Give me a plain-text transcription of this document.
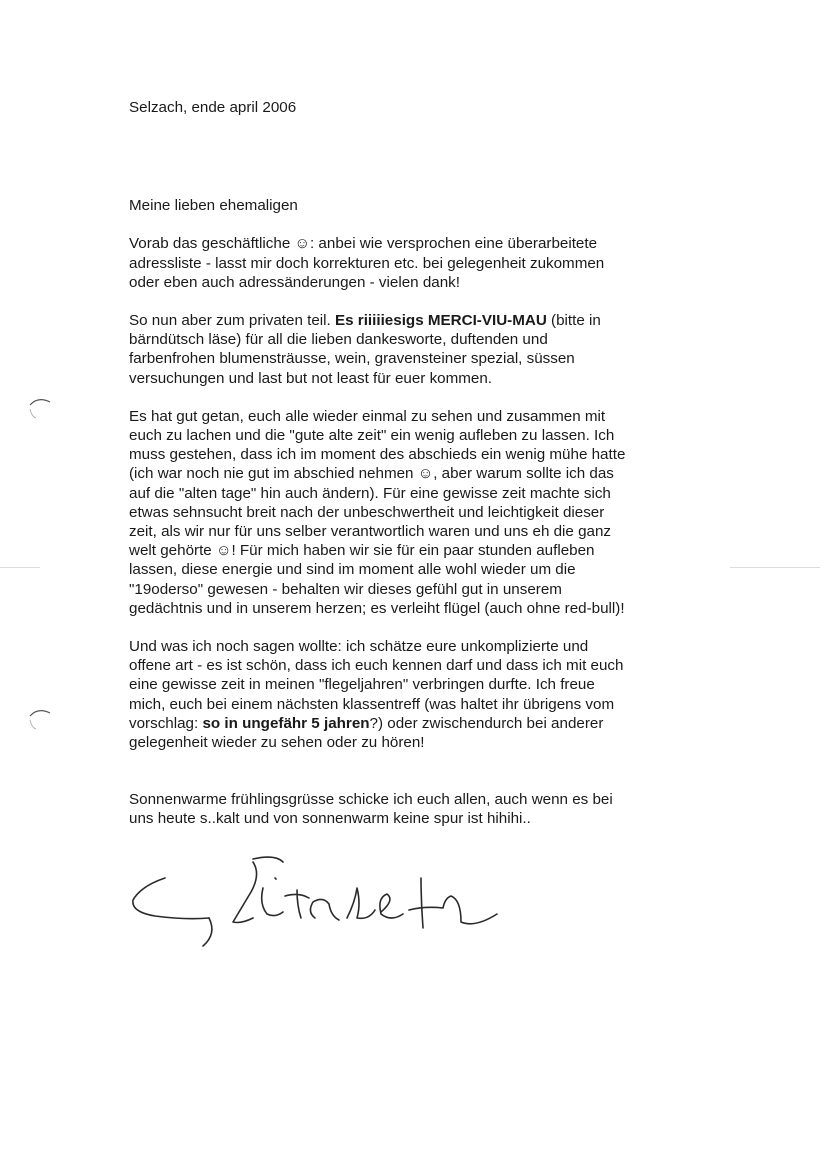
Selzach, ende april 2006
Meine lieben ehemaligen
Vorab das geschäftliche ☺: anbei wie versprochen eine überarbeitete
adressliste - lasst mir doch korrekturen etc. bei gelegenheit zukommen
oder eben auch adressänderungen - vielen dank!
So nun aber zum privaten teil. Es riiiiiesigs MERCI-VIU-MAU (bitte in
bärndütsch läse) für all die lieben dankesworte, duftenden und
farbenfrohen blumensträusse, wein, gravensteiner spezial, süssen
versuchungen und last but not least für euer kommen.
Es hat gut getan, euch alle wieder einmal zu sehen und zusammen mit
euch zu lachen und die "gute alte zeit" ein wenig aufleben zu lassen. Ich
muss gestehen, dass ich im moment des abschieds ein wenig mühe hatte
(ich war noch nie gut im abschied nehmen ☺, aber warum sollte ich das
auf die "alten tage" hin auch ändern). Für eine gewisse zeit machte sich
etwas sehnsucht breit nach der unbeschwertheit und leichtigkeit dieser
zeit, als wir nur für uns selber verantwortlich waren und uns eh die ganz
welt gehörte ☺! Für mich haben wir sie für ein paar stunden aufleben
lassen, diese energie und sind im moment alle wohl wieder um die
"19oderso" gewesen - behalten wir dieses gefühl gut in unserem
gedächtnis und in unserem herzen; es verleiht flügel (auch ohne red-bull)!
Und was ich noch sagen wollte: ich schätze eure unkomplizierte und
offene art - es ist schön, dass ich euch kennen darf und dass ich mit euch
eine gewisse zeit in meinen "flegeljahren" verbringen durfte. Ich freue
mich, euch bei einem nächsten klassentreff (was haltet ihr übrigens vom
vorschlag: so in ungefähr 5 jahren?) oder zwischendurch bei anderer
gelegenheit wieder zu sehen oder zu hören!
Sonnenwarme frühlingsgrüsse schicke ich euch allen, auch wenn es bei
uns heute s..kalt und von sonnenwarm keine spur ist hihihi..
